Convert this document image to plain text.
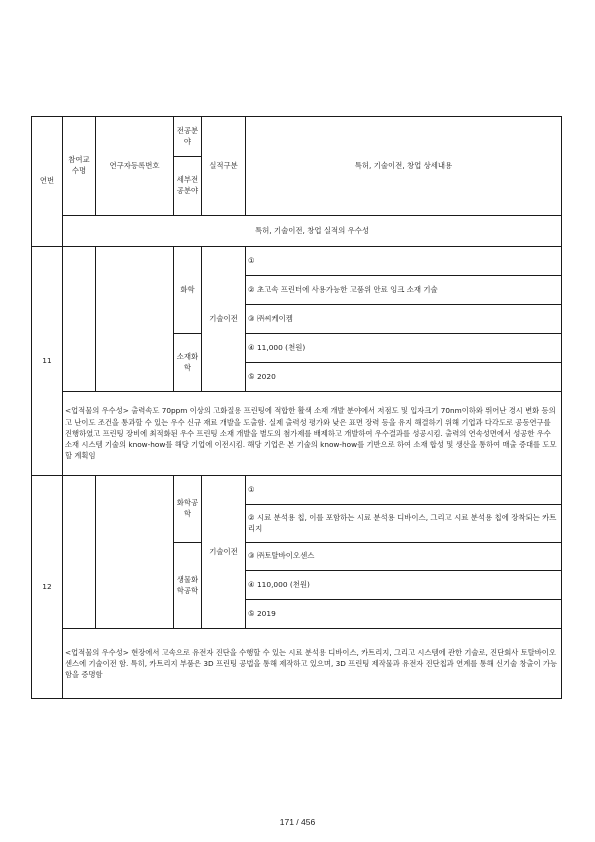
연번	참여교수명	연구자등록번호	전공분야	실적구분	특허, 기술이전, 창업 상세내용
			세부전공분야		
	특허, 기술이전, 창업 실적의 우수성				
11			화학	기술이전	①
					② 초고속 프린터에 사용가능한 고품위 안료 잉크 소재 기술
					③ ㈜씨케이켐
			소재화학		④ 11,000 (천원)
					⑤ 2020
	<업적물의 우수성> 출력속도 70ppm 이상의 고화질용 프린팅에 적합한 활색 소재 개발 분야에서 저점도 및 입자크기 70nm이하와 뛰어난 경시 변화 등의 고 난이도 조건을 통과할 수 있는 우수 신규 재료 개발을 도출함. 실제 출력성 평가와 낮은 표면 장력 등을 유지 해결하기 위해 기업과 다각도로 공동연구를 진행하였고 프린팅 장비에 최적화된 우수 프린팅 소재 개발을 별도의 첨가제를 배제하고 개발하여 우수결과를 성공시킴. 출력의 연속성면에서 성공한 우수 소재 시스템 기술의 know-how를 해당 기업에 이전시킴. 해당 기업은 본 기술의 know-how를 기반으로 하여 소재 합성 및 생산을 통하여 매출 증대를 도모할 계획임				
12			화학공학	기술이전	①
					② 시료 분석용 칩, 이를 포함하는 시료 분석용 디바이스, 그리고 시료 분석용 칩에 장착되는 카트리지
			생물화학공학		③ ㈜토탈바이오센스
					④ 110,000 (천원)
					⑤ 2019
	<업적물의 우수성> 현장에서 고속으로 유전자 진단을 수행할 수 있는 시료 분석용 디바이스, 카트리지, 그리고 시스템에 관한 기술로, 진단회사 토탈바이오센스에 기술이전 함. 특히, 카트리지 부품은 3D 프린팅 공법을 통해 제작하고 있으며, 3D 프린팅 제작물과 유전자 진단칩과 연계를 통해 신기술 창출이 가능함을 증명함				
171 / 456
